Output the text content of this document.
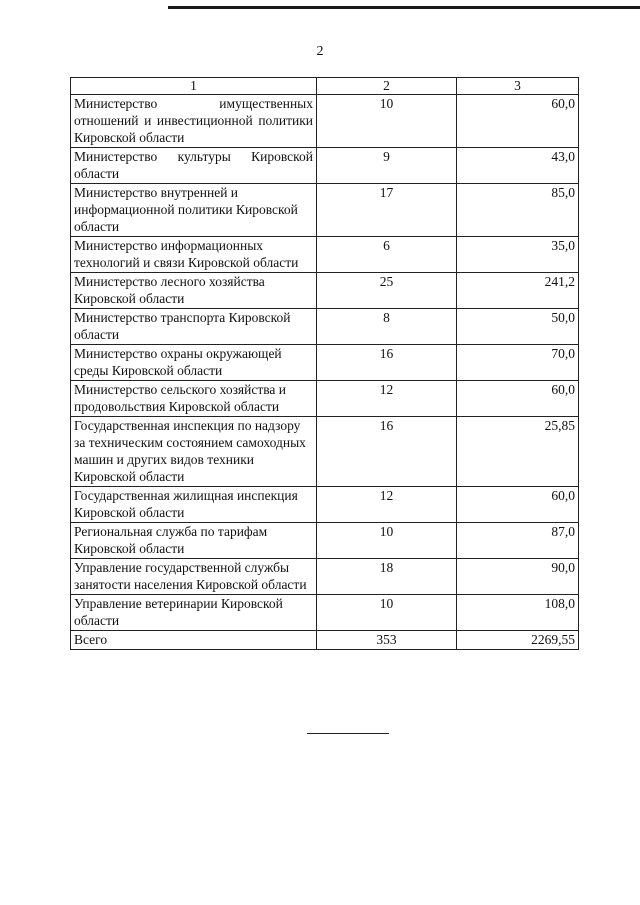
2
1	2	3
Министерство имущественных отношений и инвестиционной политики Кировской области	10	60,0
Министерство культуры Кировской области	9	43,0
Министерство внутренней и информационной политики Кировской области	17	85,0
Министерство информационных технологий и связи Кировской области	6	35,0
Министерство лесного хозяйства Кировской области	25	241,2
Министерство транспорта Кировской области	8	50,0
Министерство охраны окружающей среды Кировской области	16	70,0
Министерство сельского хозяйства и продовольствия Кировской области	12	60,0
Государственная инспекция по надзору за техническим состоянием самоходных машин и других видов техники Кировской области	16	25,85
Государственная жилищная инспекция Кировской области	12	60,0
Региональная служба по тарифам Кировской области	10	87,0
Управление государственной службы занятости населения Кировской области	18	90,0
Управление ветеринарии Кировской области	10	108,0
Всего	353	2269,55
